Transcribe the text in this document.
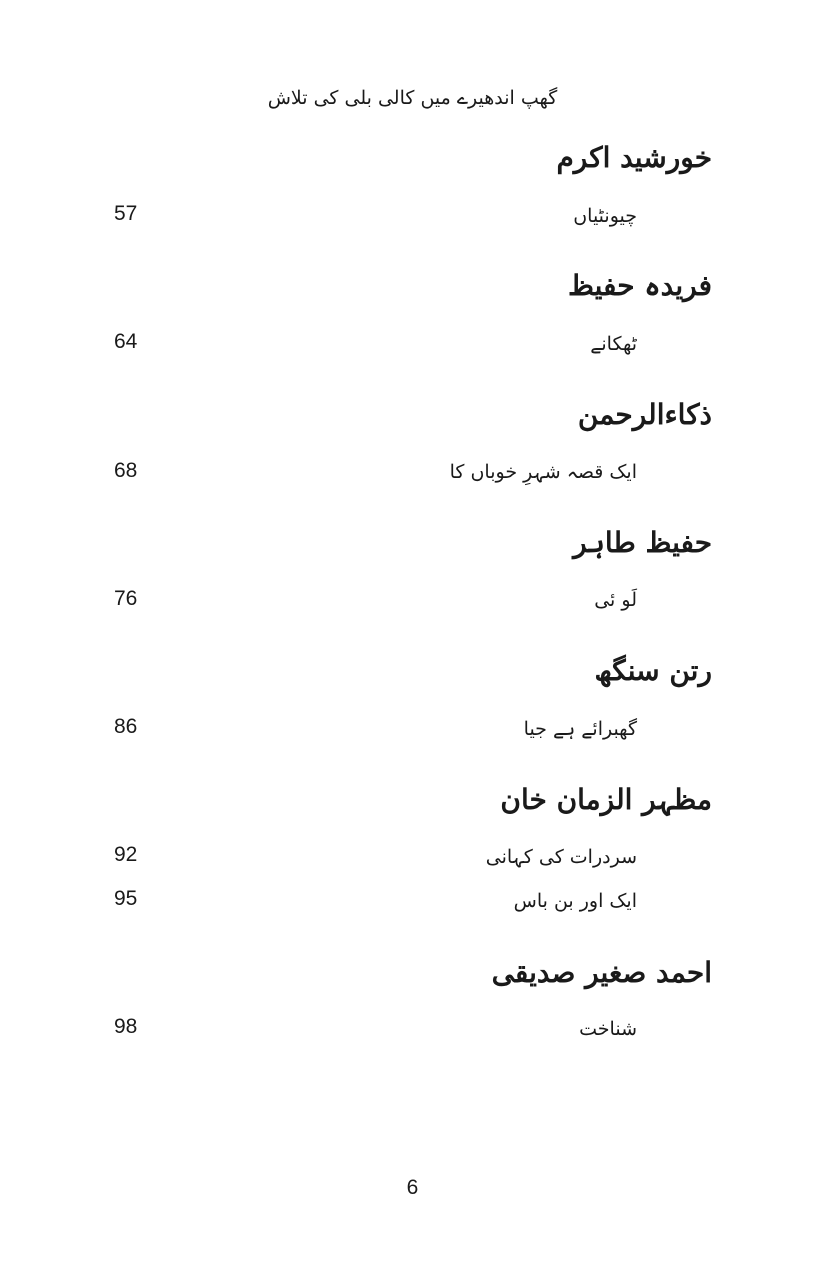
گھپ اندھیرے میں کالی بلی کی تلاش
خورشید اکرم
چیونٹیاں
57
فریدہ حفیظ
ٹھکانے
64
ذکاءالرحمن
ایک قصہ شہرِ خوباں کا
68
حفیظ طاہر
لَو ئی
76
رتن سنگھ
گھبرائے ہے جیا
86
مظہر الزمان خان
سردرات کی کہانی
92
ایک اور بن باس
95
احمد صغیر صدیقی
شناخت
98
6
